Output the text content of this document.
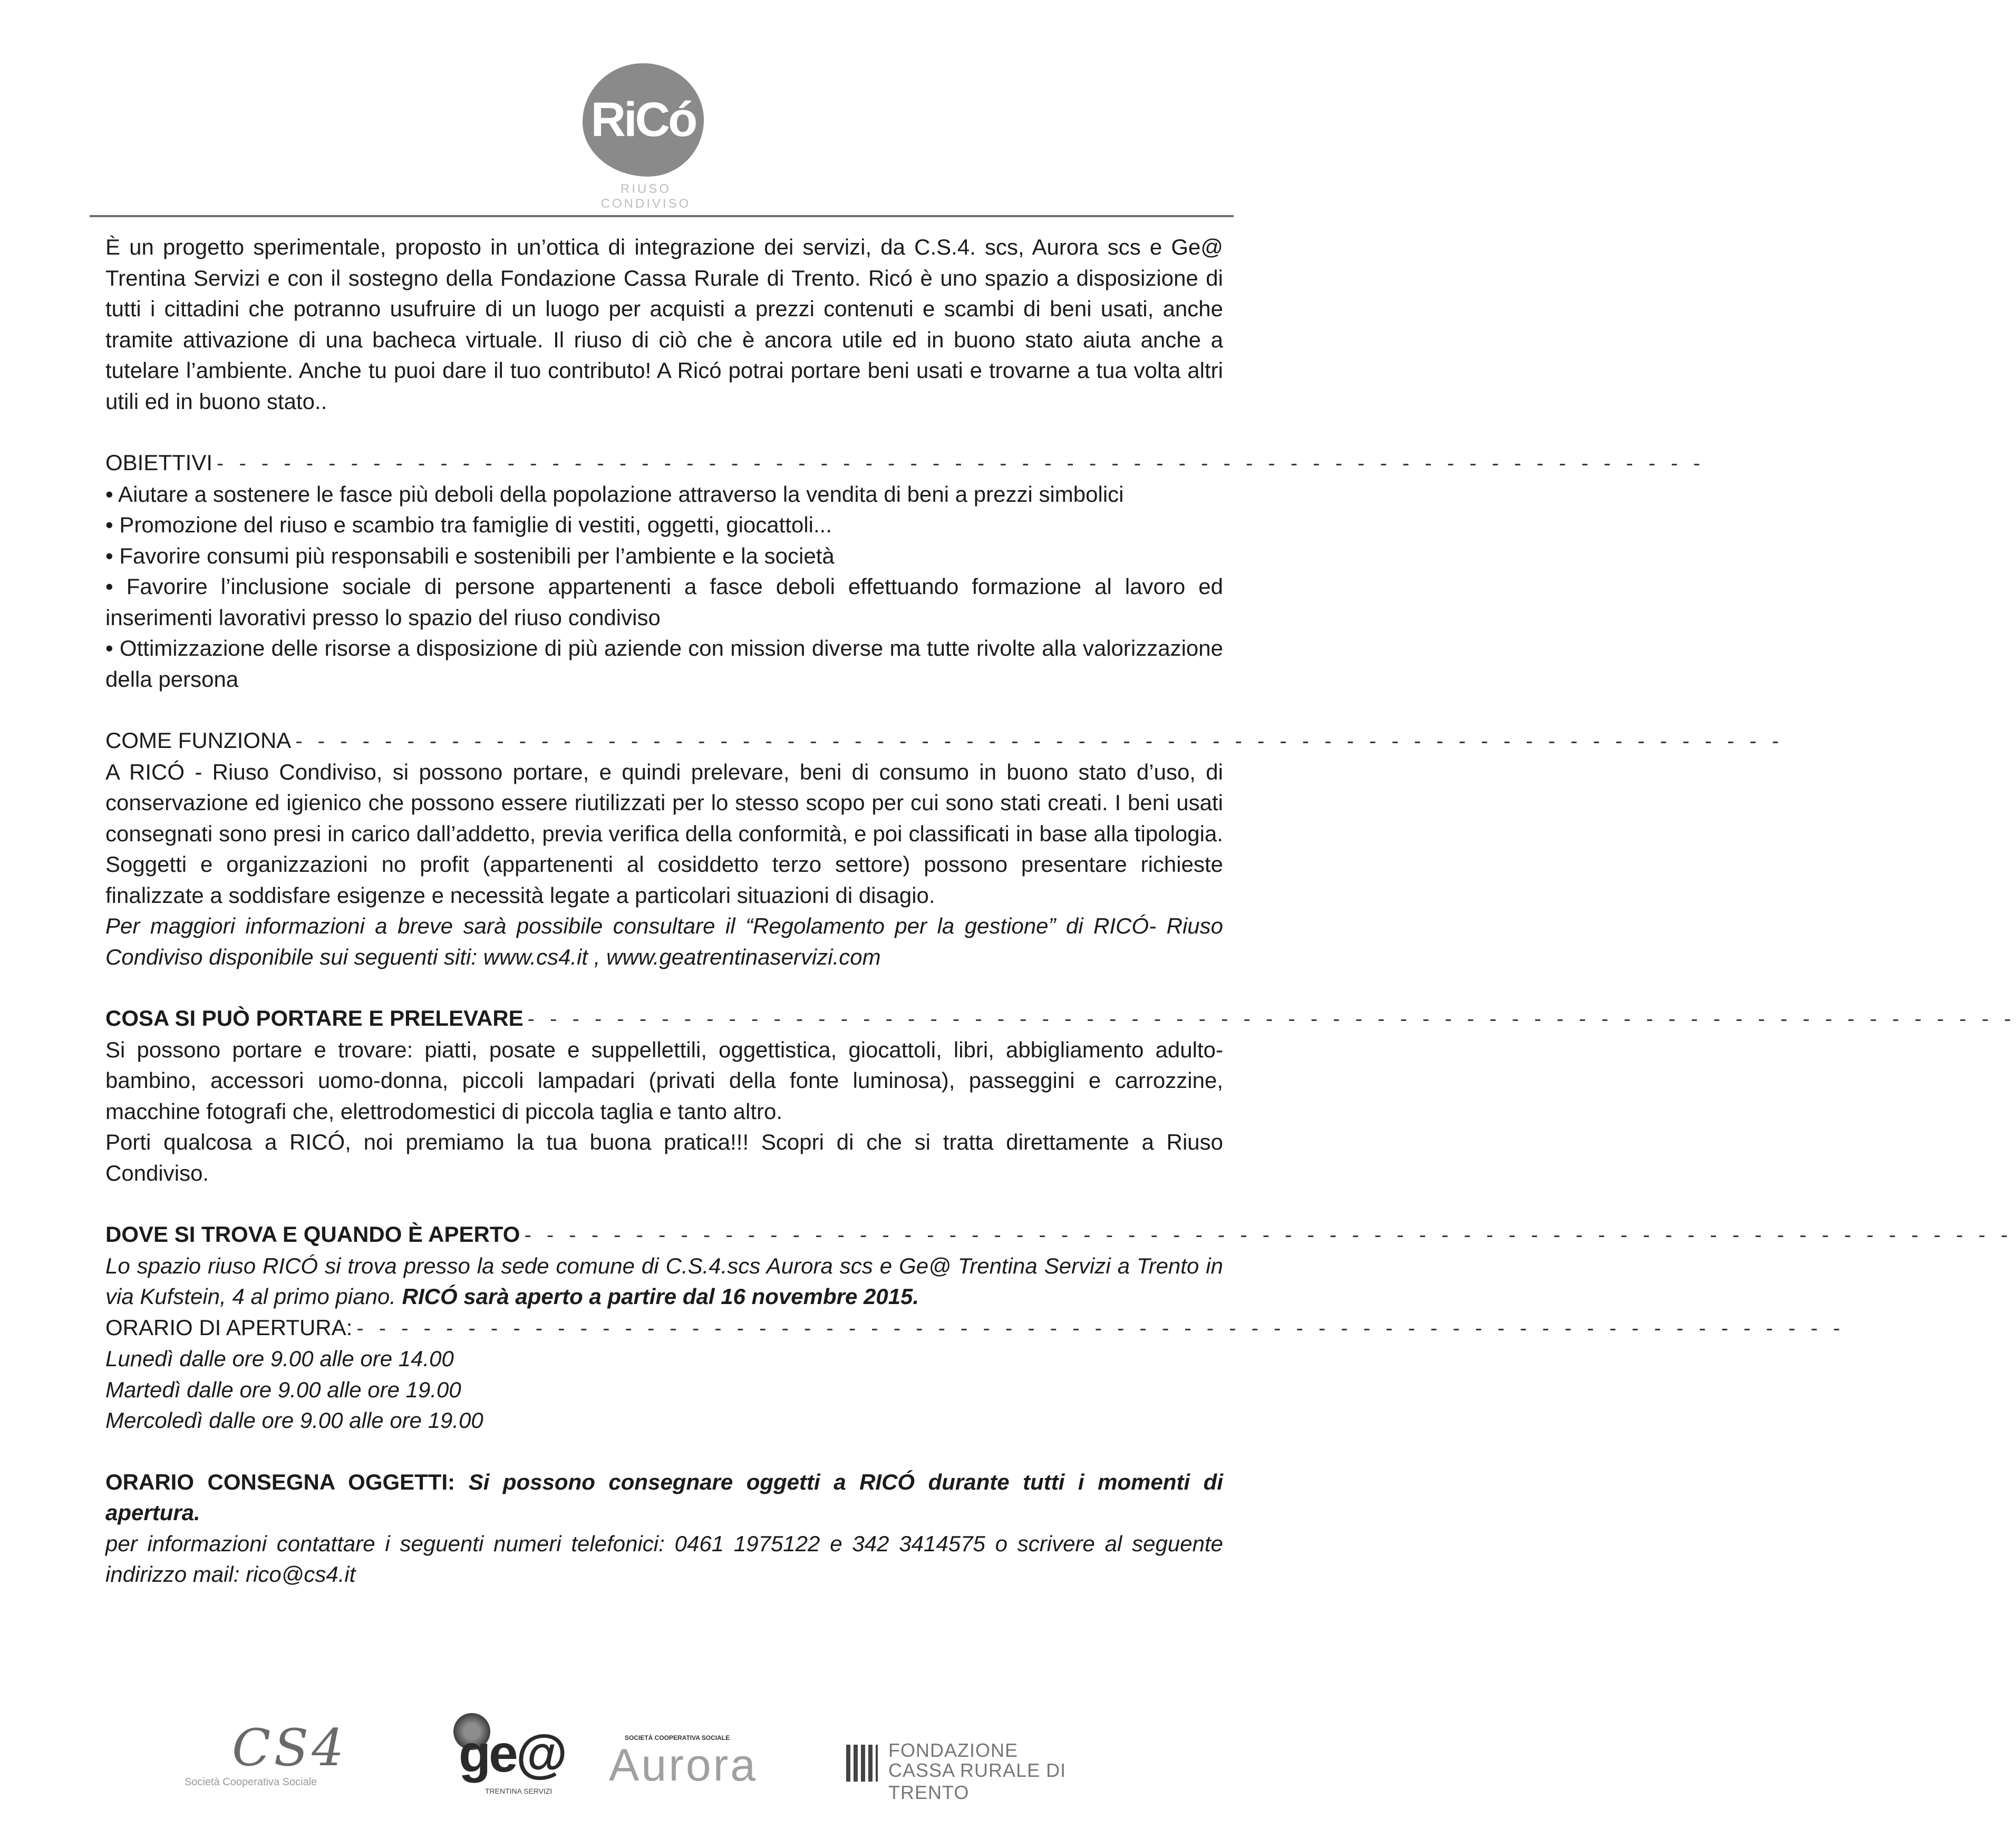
RiCó
RIUSO CONDIVISO

È un progetto sperimentale, proposto in un’ottica di integrazione dei servizi, da C.S.4. scs, Aurora scs e Ge@ Trentina Servizi e con il sostegno della Fondazione Cassa Rurale di Trento. Ricó è uno spazio a disposizione di tutti i cittadini che potranno usufruire di un luogo per acquisti a prezzi contenuti e scambi di beni usati, anche tramite attivazione di una bacheca virtuale. Il riuso di ciò che è ancora utile ed in buono stato aiuta anche a tutelare l’ambiente. Anche tu puoi dare il tuo contributo! A Ricó potrai portare beni usati e trovarne a tua volta altri utili ed in buono stato..

OBIETTIVI - - - - - - - - - - - - - - - - - - - - - - - - - - - - - - - - - - - - - - - - - - - - - - - - - - - - - - - - - - - - - - - - - - -

• Aiutare a sostenere le fasce più deboli della popolazione attraverso la vendita di beni a prezzi simbolici

• Promozione del riuso e scambio tra famiglie di vestiti, oggetti, giocattoli...

• Favorire consumi più responsabili e sostenibili per l’ambiente e la società

• Favorire l’inclusione sociale di persone appartenenti a fasce deboli effettuando formazione al lavoro ed inserimenti lavorativi presso lo spazio del riuso condiviso

• Ottimizzazione delle risorse a disposizione di più aziende con mission diverse ma tutte rivolte alla valorizzazione della persona

COME FUNZIONA - - - - - - - - - - - - - - - - - - - - - - - - - - - - - - - - - - - - - - - - - - - - - - - - - - - - - - - - - - - - - - - - - - -

A RICÓ - Riuso Condiviso, si possono portare, e quindi prelevare, beni di consumo in buono stato d’uso, di conservazione ed igienico che possono essere riutilizzati per lo stesso scopo per cui sono stati creati. I beni usati consegnati sono presi in carico dall’addetto, previa verifica della conformità, e poi classificati in base alla tipologia. Soggetti e organizzazioni no profit (appartenenti al cosiddetto terzo settore) possono presentare richieste finalizzate a soddisfare esigenze e necessità legate a particolari situazioni di disagio.

Per maggiori informazioni a breve sarà possibile consultare il “Regolamento per la gestione” di RICÓ- Riuso Condiviso disponibile sui seguenti siti: www.cs4.it , www.geatrentinaservizi.com

COSA SI PUÒ PORTARE E PRELEVARE - - - - - - - - - - - - - - - - - - - - - - - - - - - - - - - - - - - - - - - - - - - - - - - - - - - - - - - - - - - - - - - - - - -

Si possono portare e trovare: piatti, posate e suppellettili, oggettistica, giocattoli, libri, abbigliamento adulto-bambino, accessori uomo-donna, piccoli lampadari (privati della fonte luminosa), passeggini e carrozzine, macchine fotografi che, elettrodomestici di piccola taglia e tanto altro.

Porti qualcosa a RICÓ, noi premiamo la tua buona pratica!!! Scopri di che si tratta direttamente a Riuso Condiviso.

DOVE SI TROVA E QUANDO È APERTO - - - - - - - - - - - - - - - - - - - - - - - - - - - - - - - - - - - - - - - - - - - - - - - - - - - - - - - - - - - - - - - - - - -

Lo spazio riuso RICÓ si trova presso la sede comune di C.S.4.scs Aurora scs e Ge@ Trentina Servizi a Trento in via Kufstein, 4 al primo piano. RICÓ sarà aperto a partire dal 16 novembre 2015.

ORARIO DI APERTURA: - - - - - - - - - - - - - - - - - - - - - - - - - - - - - - - - - - - - - - - - - - - - - - - - - - - - - - - - - - - - - - - - - - -

Lunedì dalle ore 9.00 alle ore 14.00

Martedì dalle ore 9.00 alle ore 19.00

Mercoledì dalle ore 9.00 alle ore 19.00

ORARIO CONSEGNA OGGETTI: Si possono consegnare oggetti a RICÓ durante tutti i momenti di apertura.

per informazioni contattare i seguenti numeri telefonici: 0461 1975122 e 342 3414575 o scrivere al seguente indirizzo mail: rico@cs4.it

CS4
Società Cooperativa Sociale	ge@
TRENTINA SERVIZI
SOCIETÀ COOPERATIVA SOCIALE
Aurora	FONDAZIONE
CASSA RURALE DI TRENTO
